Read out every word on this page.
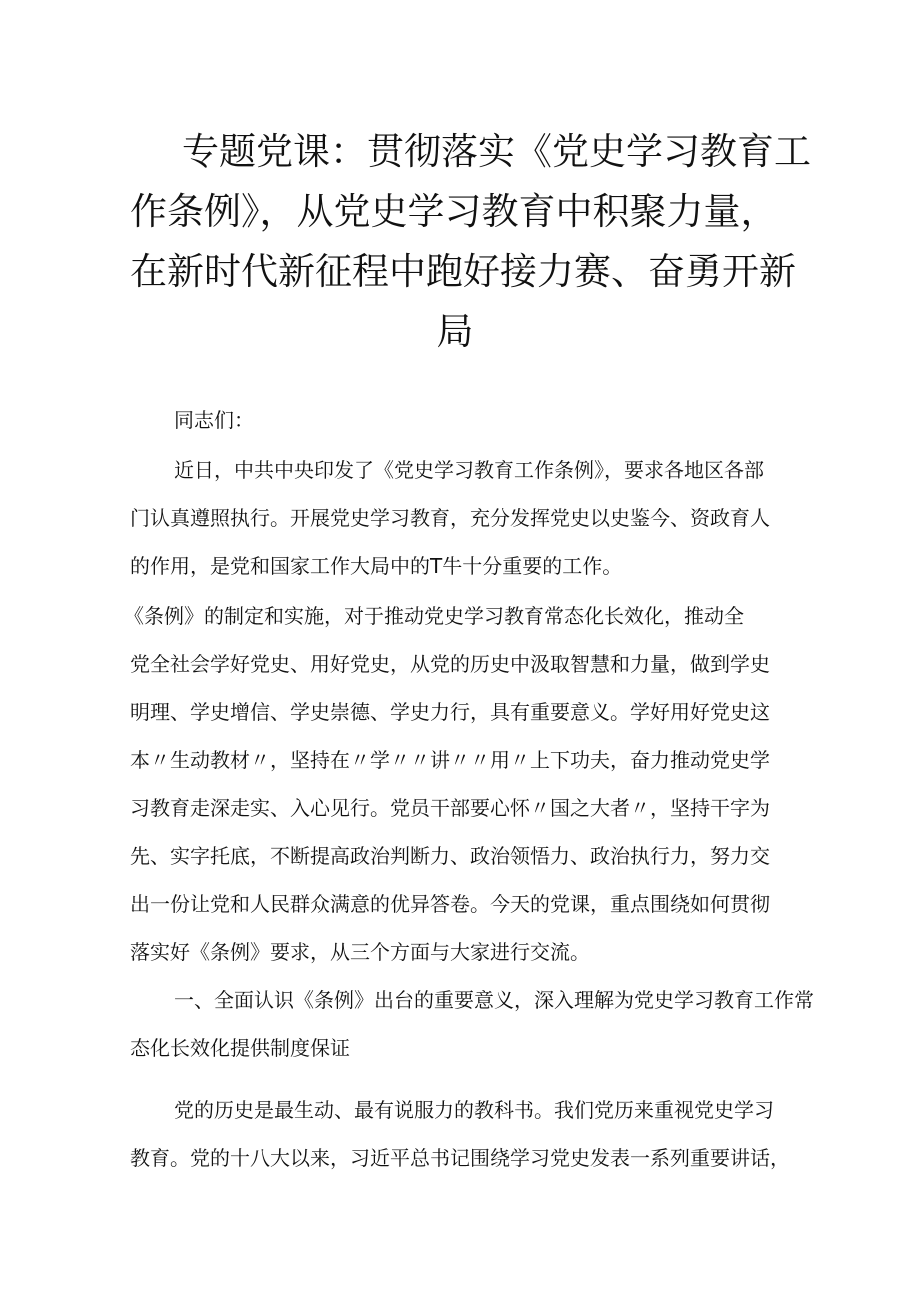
专题党课：贯彻落实《党史学习教育工
作条例》，从党史学习教育中积聚力量，
在新时代新征程中跑好接力赛、奋勇开新
局

同志们：

近日，中共中央印发了《党史学习教育工作条例》，要求各地区各部
门认真遵照执行。开展党史学习教育，充分发挥党史以史鉴今、资政育人
的作用，是党和国家工作大局中的T牛十分重要的工作。

《条例》的制定和实施，对于推动党史学习教育常态化长效化，推动全
党全社会学好党史、用好党史，从党的历史中汲取智慧和力量，做到学史
明理、学史增信、学史崇德、学史力行，具有重要意义。学好用好党史这
本〃生动教材〃，坚持在〃学〃〃讲〃〃用〃上下功夫，奋力推动党史学
习教育走深走实、入心见行。党员干部要心怀〃国之大者〃，坚持干字为
先、实字托底，不断提高政治判断力、政治领悟力、政治执行力，努力交
出一份让党和人民群众满意的优异答卷。今天的党课，重点围绕如何贯彻
落实好《条例》要求，从三个方面与大家进行交流。

一、全面认识《条例》出台的重要意义，深入理解为党史学习教育工作常
态化长效化提供制度保证

党的历史是最生动、最有说服力的教科书。我们党历来重视党史学习
教育。党的十八大以来，习近平总书记围绕学习党史发表一系列重要讲话，
